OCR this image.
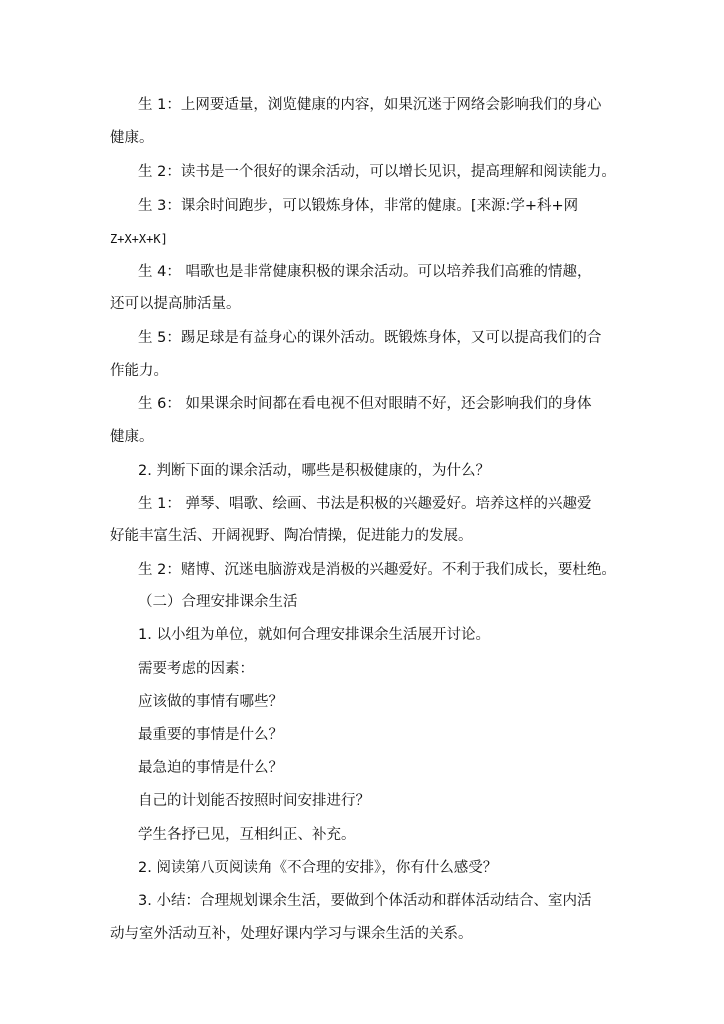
生 1：上网要适量，浏览健康的内容，如果沉迷于网络会影响我们的身心
健康。
生 2：读书是一个很好的课余活动，可以增长见识，提高理解和阅读能力。
生 3：课余时间跑步，可以锻炼身体，非常的健康。[来源:学+科+网
Z+X+X+K]
生 4： 唱歌也是非常健康积极的课余活动。可以培养我们高雅的情趣，
还可以提高肺活量。
生 5：踢足球是有益身心的课外活动。既锻炼身体，又可以提高我们的合
作能力。
生 6： 如果课余时间都在看电视不但对眼睛不好，还会影响我们的身体
健康。
2. 判断下面的课余活动，哪些是积极健康的，为什么？
生 1： 弹琴、唱歌、绘画、书法是积极的兴趣爱好。培养这样的兴趣爱
好能丰富生活、开阔视野、陶冶情操，促进能力的发展。
生 2：赌博、沉迷电脑游戏是消极的兴趣爱好。不利于我们成长，要杜绝。
（二）合理安排课余生活
1. 以小组为单位，就如何合理安排课余生活展开讨论。
需要考虑的因素：
应该做的事情有哪些？
最重要的事情是什么？
最急迫的事情是什么？
自己的计划能否按照时间安排进行？
学生各抒已见，互相纠正、补充。
2. 阅读第八页阅读角《不合理的安排》，你有什么感受？
3. 小结：合理规划课余生活，要做到个体活动和群体活动结合、室内活
动与室外活动互补，处理好课内学习与课余生活的关系。
